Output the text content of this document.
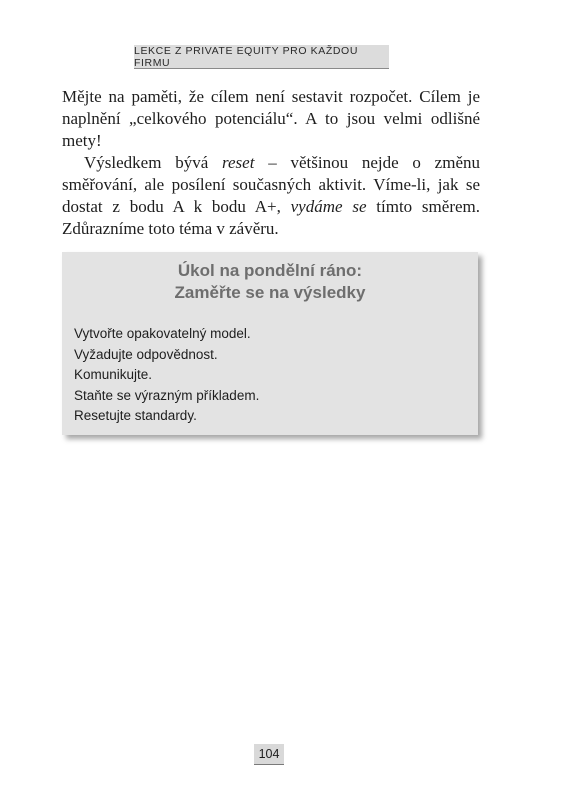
LEKCE Z PRIVATE EQUITY PRO KAŽDOU FIRMU

Mějte na paměti, že cílem není sestavit rozpočet. Cílem je naplnění „celkového potenciálu“. A to jsou velmi odlišné mety!

Výsledkem bývá reset – většinou nejde o změnu směřování, ale posílení současných aktivit. Víme-li, jak se dostat z bodu A k bodu A+, vydáme se tímto směrem. Zdůrazníme toto téma v závěru.

Úkol na pondělní ráno:
Zaměřte se na výsledky
Vytvořte opakovatelný model.
Vyžadujte odpovědnost.
Komunikujte.
Staňte se výrazným příkladem.
Resetujte standardy.
104
